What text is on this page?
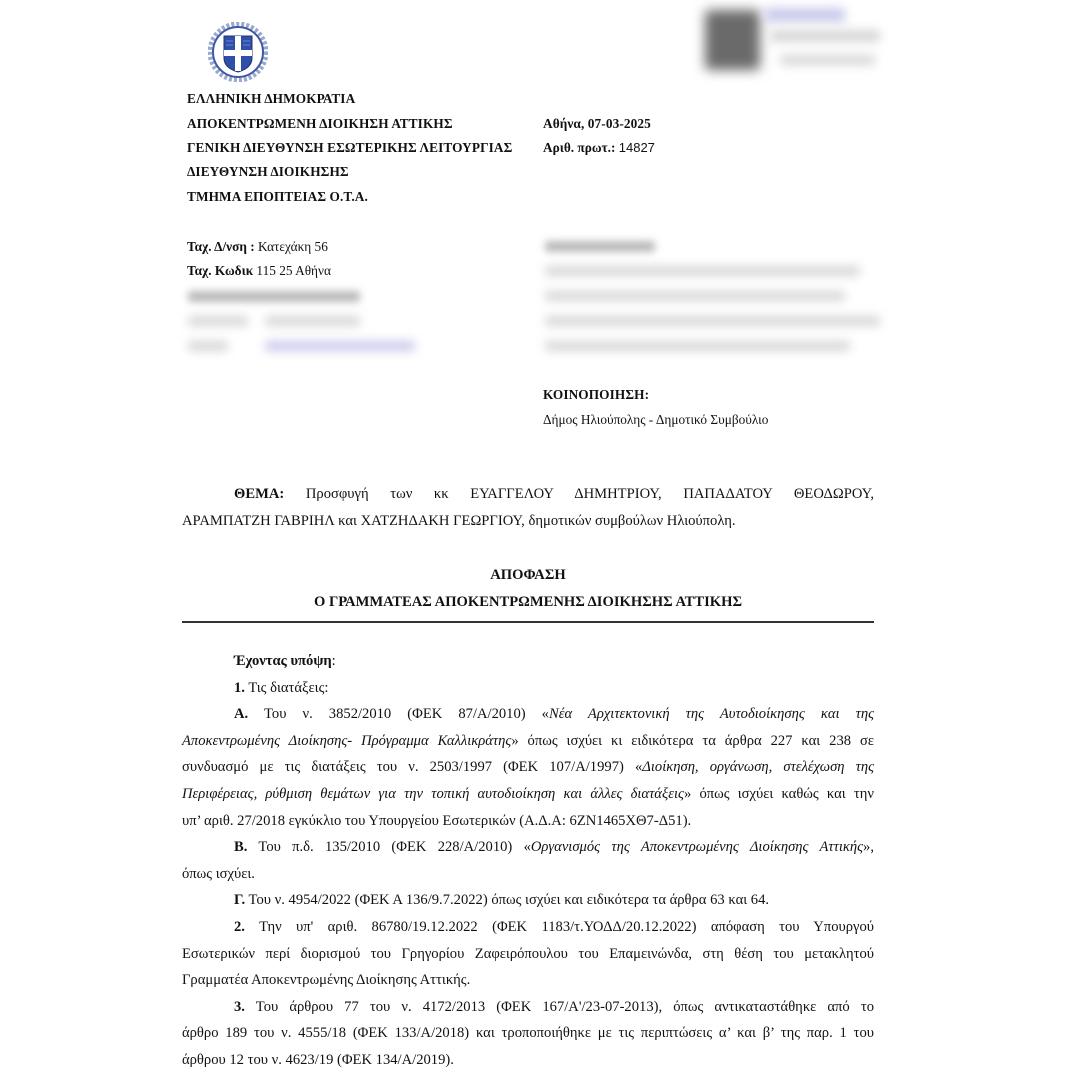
ΕΛΛΗΝΙΚΗ ΔΗΜΟΚΡΑΤΙΑ
ΑΠΟΚΕΝΤΡΩΜΕΝΗ ΔΙΟΙΚΗΣΗ ΑΤΤΙΚΗΣ
ΓΕΝΙΚΗ ΔΙΕΥΘΥΝΣΗ ΕΣΩΤΕΡΙΚΗΣ ΛΕΙΤΟΥΡΓΙΑΣ
ΔΙΕΥΘΥΝΣΗ ΔΙΟΙΚΗΣΗΣ
ΤΜΗΜΑ ΕΠΟΠΤΕΙΑΣ Ο.Τ.Α.
Αθήνα, 07-03-2025
Αριθ. πρωτ.: 14827
Ταχ. Δ/νση : Κατεχάκη 56
Ταχ. Κωδικ 115 25 Αθήνα
ΚΟΙΝΟΠΟΙΗΣΗ:
Δήμος Ηλιούπολης - Δημοτικό Συμβούλιο
ΘΕΜΑ: Προσφυγή των κκ ΕΥΑΓΓΕΛΟΥ ΔΗΜΗΤΡΙΟΥ, ΠΑΠΑΔΑΤΟΥ ΘΕΟΔΩΡΟΥ,
ΑΡΑΜΠΑΤΖΗ ΓΑΒΡΙΗΛ και ΧΑΤΖΗΔΑΚΗ ΓΕΩΡΓΙΟΥ, δημοτικών συμβούλων Ηλιούπολη.
ΑΠΟΦΑΣΗ
Ο ΓΡΑΜΜΑΤΕΑΣ ΑΠΟΚΕΝΤΡΩΜΕΝΗΣ ΔΙΟΙΚΗΣΗΣ ΑΤΤΙΚΗΣ
Έχοντας υπόψη:
1. Τις διατάξεις:
Α. Του ν. 3852/2010 (ΦΕΚ 87/Α/2010) «Νέα Αρχιτεκτονική της Αυτοδιοίκησης και της
Αποκεντρωμένης Διοίκησης- Πρόγραμμα Καλλικράτης» όπως ισχύει κι ειδικότερα τα άρθρα 227 και 238 σε
συνδυασμό με τις διατάξεις του ν. 2503/1997 (ΦΕΚ 107/Α/1997) «Διοίκηση, οργάνωση, στελέχωση της
Περιφέρειας, ρύθμιση θεμάτων για την τοπική αυτοδιοίκηση και άλλες διατάξεις» όπως ισχύει καθώς και την
υπ’ αριθ. 27/2018 εγκύκλιο του Υπουργείου Εσωτερικών (Α.Δ.Α: 6ΖΝ1465ΧΘ7-Δ51).
Β. Του π.δ. 135/2010 (ΦΕΚ 228/Α/2010) «Οργανισμός της Αποκεντρωμένης Διοίκησης Αττικής»,
όπως ισχύει.
Γ. Του ν. 4954/2022 (ΦΕΚ Α 136/9.7.2022) όπως ισχύει και ειδικότερα τα άρθρα 63 και 64.
2. Την υπ' αριθ. 86780/19.12.2022 (ΦΕΚ 1183/τ.ΥΟΔΔ/20.12.2022) απόφαση του Υπουργού
Εσωτερικών περί διορισμού του Γρηγορίου Ζαφειρόπουλου του Επαμεινώνδα, στη θέση του μετακλητού
Γραμματέα Αποκεντρωμένης Διοίκησης Αττικής.
3. Του άρθρου 77 του ν. 4172/2013 (ΦΕΚ 167/Α'/23-07-2013), όπως αντικαταστάθηκε από το
άρθρο 189 του ν. 4555/18 (ΦΕΚ 133/Α/2018) και τροποποιήθηκε με τις περιπτώσεις α’ και β’ της παρ. 1 του
άρθρου 12 του ν. 4623/19 (ΦΕΚ 134/Α/2019).
